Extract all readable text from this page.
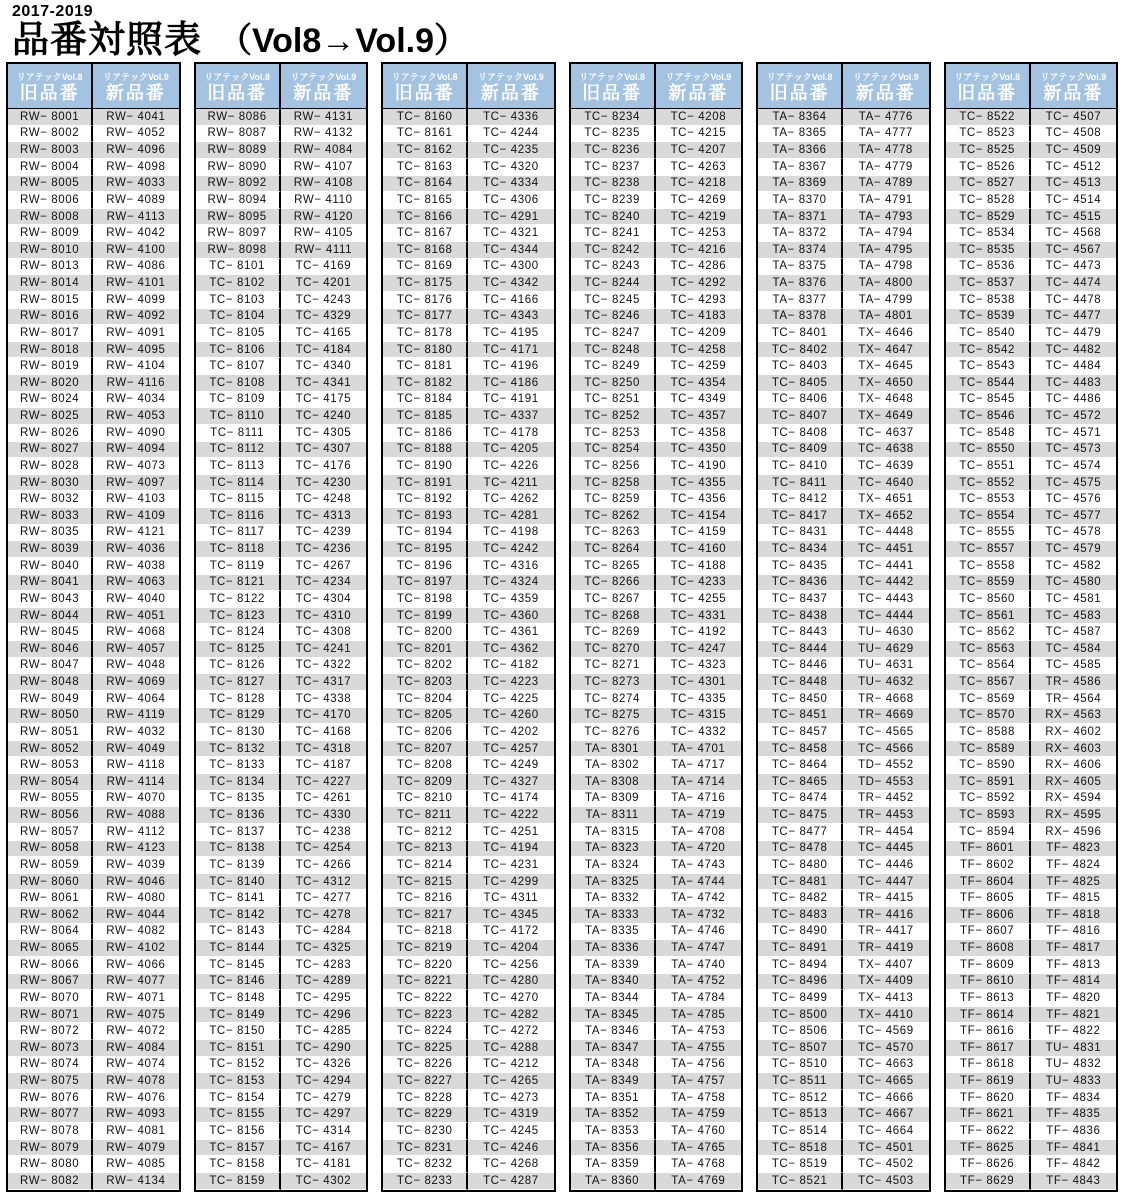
2017-2019
品番対照表 （Vol8→Vol.9）
リアテックVol.8
旧品番
リアテックVol.9
新品番
RW− 8001	RW− 4041
RW− 8002	RW− 4052
RW− 8003	RW− 4096
RW− 8004	RW− 4098
RW− 8005	RW− 4033
RW− 8006	RW− 4089
RW− 8008	RW− 4113
RW− 8009	RW− 4042
RW− 8010	RW− 4100
RW− 8013	RW− 4086
RW− 8014	RW− 4101
RW− 8015	RW− 4099
RW− 8016	RW− 4092
RW− 8017	RW− 4091
RW− 8018	RW− 4095
RW− 8019	RW− 4104
RW− 8020	RW− 4116
RW− 8024	RW− 4034
RW− 8025	RW− 4053
RW− 8026	RW− 4090
RW− 8027	RW− 4094
RW− 8028	RW− 4073
RW− 8030	RW− 4097
RW− 8032	RW− 4103
RW− 8033	RW− 4109
RW− 8035	RW− 4121
RW− 8039	RW− 4036
RW− 8040	RW− 4038
RW− 8041	RW− 4063
RW− 8043	RW− 4040
RW− 8044	RW− 4051
RW− 8045	RW− 4068
RW− 8046	RW− 4057
RW− 8047	RW− 4048
RW− 8048	RW− 4069
RW− 8049	RW− 4064
RW− 8050	RW− 4119
RW− 8051	RW− 4032
RW− 8052	RW− 4049
RW− 8053	RW− 4118
RW− 8054	RW− 4114
RW− 8055	RW− 4070
RW− 8056	RW− 4088
RW− 8057	RW− 4112
RW− 8058	RW− 4123
RW− 8059	RW− 4039
RW− 8060	RW− 4046
RW− 8061	RW− 4080
RW− 8062	RW− 4044
RW− 8064	RW− 4082
RW− 8065	RW− 4102
RW− 8066	RW− 4066
RW− 8067	RW− 4077
RW− 8070	RW− 4071
RW− 8071	RW− 4075
RW− 8072	RW− 4072
RW− 8073	RW− 4084
RW− 8074	RW− 4074
RW− 8075	RW− 4078
RW− 8076	RW− 4076
RW− 8077	RW− 4093
RW− 8078	RW− 4081
RW− 8079	RW− 4079
RW− 8080	RW− 4085
RW− 8082	RW− 4134
リアテックVol.8
旧品番
リアテックVol.9
新品番
RW− 8086	RW− 4131
RW− 8087	RW− 4132
RW− 8089	RW− 4084
RW− 8090	RW− 4107
RW− 8092	RW− 4108
RW− 8094	RW− 4110
RW− 8095	RW− 4120
RW− 8097	RW− 4105
RW− 8098	RW− 4111
TC− 8101	TC− 4169
TC− 8102	TC− 4201
TC− 8103	TC− 4243
TC− 8104	TC− 4329
TC− 8105	TC− 4165
TC− 8106	TC− 4184
TC− 8107	TC− 4340
TC− 8108	TC− 4341
TC− 8109	TC− 4175
TC− 8110	TC− 4240
TC− 8111	TC− 4305
TC− 8112	TC− 4307
TC− 8113	TC− 4176
TC− 8114	TC− 4230
TC− 8115	TC− 4248
TC− 8116	TC− 4313
TC− 8117	TC− 4239
TC− 8118	TC− 4236
TC− 8119	TC− 4267
TC− 8121	TC− 4234
TC− 8122	TC− 4304
TC− 8123	TC− 4310
TC− 8124	TC− 4308
TC− 8125	TC− 4241
TC− 8126	TC− 4322
TC− 8127	TC− 4317
TC− 8128	TC− 4338
TC− 8129	TC− 4170
TC− 8130	TC− 4168
TC− 8132	TC− 4318
TC− 8133	TC− 4187
TC− 8134	TC− 4227
TC− 8135	TC− 4261
TC− 8136	TC− 4330
TC− 8137	TC− 4238
TC− 8138	TC− 4254
TC− 8139	TC− 4266
TC− 8140	TC− 4312
TC− 8141	TC− 4277
TC− 8142	TC− 4278
TC− 8143	TC− 4284
TC− 8144	TC− 4325
TC− 8145	TC− 4283
TC− 8146	TC− 4289
TC− 8148	TC− 4295
TC− 8149	TC− 4296
TC− 8150	TC− 4285
TC− 8151	TC− 4290
TC− 8152	TC− 4326
TC− 8153	TC− 4294
TC− 8154	TC− 4279
TC− 8155	TC− 4297
TC− 8156	TC− 4314
TC− 8157	TC− 4167
TC− 8158	TC− 4181
TC− 8159	TC− 4302
リアテックVol.8
旧品番
リアテックVol.9
新品番
TC− 8160	TC− 4336
TC− 8161	TC− 4244
TC− 8162	TC− 4235
TC− 8163	TC− 4320
TC− 8164	TC− 4334
TC− 8165	TC− 4306
TC− 8166	TC− 4291
TC− 8167	TC− 4321
TC− 8168	TC− 4344
TC− 8169	TC− 4300
TC− 8175	TC− 4342
TC− 8176	TC− 4166
TC− 8177	TC− 4343
TC− 8178	TC− 4195
TC− 8180	TC− 4171
TC− 8181	TC− 4196
TC− 8182	TC− 4186
TC− 8184	TC− 4191
TC− 8185	TC− 4337
TC− 8186	TC− 4178
TC− 8188	TC− 4205
TC− 8190	TC− 4226
TC− 8191	TC− 4211
TC− 8192	TC− 4262
TC− 8193	TC− 4281
TC− 8194	TC− 4198
TC− 8195	TC− 4242
TC− 8196	TC− 4316
TC− 8197	TC− 4324
TC− 8198	TC− 4359
TC− 8199	TC− 4360
TC− 8200	TC− 4361
TC− 8201	TC− 4362
TC− 8202	TC− 4182
TC− 8203	TC− 4223
TC− 8204	TC− 4225
TC− 8205	TC− 4260
TC− 8206	TC− 4202
TC− 8207	TC− 4257
TC− 8208	TC− 4249
TC− 8209	TC− 4327
TC− 8210	TC− 4174
TC− 8211	TC− 4222
TC− 8212	TC− 4251
TC− 8213	TC− 4194
TC− 8214	TC− 4231
TC− 8215	TC− 4299
TC− 8216	TC− 4311
TC− 8217	TC− 4345
TC− 8218	TC− 4172
TC− 8219	TC− 4204
TC− 8220	TC− 4256
TC− 8221	TC− 4280
TC− 8222	TC− 4270
TC− 8223	TC− 4282
TC− 8224	TC− 4272
TC− 8225	TC− 4288
TC− 8226	TC− 4212
TC− 8227	TC− 4265
TC− 8228	TC− 4273
TC− 8229	TC− 4319
TC− 8230	TC− 4245
TC− 8231	TC− 4246
TC− 8232	TC− 4268
TC− 8233	TC− 4287
リアテックVol.8
旧品番
リアテックVol.9
新品番
TC− 8234	TC− 4208
TC− 8235	TC− 4215
TC− 8236	TC− 4207
TC− 8237	TC− 4263
TC− 8238	TC− 4218
TC− 8239	TC− 4269
TC− 8240	TC− 4219
TC− 8241	TC− 4253
TC− 8242	TC− 4216
TC− 8243	TC− 4286
TC− 8244	TC− 4292
TC− 8245	TC− 4293
TC− 8246	TC− 4183
TC− 8247	TC− 4209
TC− 8248	TC− 4258
TC− 8249	TC− 4259
TC− 8250	TC− 4354
TC− 8251	TC− 4349
TC− 8252	TC− 4357
TC− 8253	TC− 4358
TC− 8254	TC− 4350
TC− 8256	TC− 4190
TC− 8258	TC− 4355
TC− 8259	TC− 4356
TC− 8262	TC− 4154
TC− 8263	TC− 4159
TC− 8264	TC− 4160
TC− 8265	TC− 4188
TC− 8266	TC− 4233
TC− 8267	TC− 4255
TC− 8268	TC− 4331
TC− 8269	TC− 4192
TC− 8270	TC− 4247
TC− 8271	TC− 4323
TC− 8273	TC− 4301
TC− 8274	TC− 4335
TC− 8275	TC− 4315
TC− 8276	TC− 4332
TA− 8301	TA− 4701
TA− 8302	TA− 4717
TA− 8308	TA− 4714
TA− 8309	TA− 4716
TA− 8311	TA− 4719
TA− 8315	TA− 4708
TA− 8323	TA− 4720
TA− 8324	TA− 4743
TA− 8325	TA− 4744
TA− 8332	TA− 4742
TA− 8333	TA− 4732
TA− 8335	TA− 4746
TA− 8336	TA− 4747
TA− 8339	TA− 4740
TA− 8340	TA− 4752
TA− 8344	TA− 4784
TA− 8345	TA− 4785
TA− 8346	TA− 4753
TA− 8347	TA− 4755
TA− 8348	TA− 4756
TA− 8349	TA− 4757
TA− 8351	TA− 4758
TA− 8352	TA− 4759
TA− 8353	TA− 4760
TA− 8356	TA− 4765
TA− 8359	TA− 4768
TA− 8360	TA− 4769
リアテックVol.8
旧品番
リアテックVol.9
新品番
TA− 8364	TA− 4776
TA− 8365	TA− 4777
TA− 8366	TA− 4778
TA− 8367	TA− 4779
TA− 8369	TA− 4789
TA− 8370	TA− 4791
TA− 8371	TA− 4793
TA− 8372	TA− 4794
TA− 8374	TA− 4795
TA− 8375	TA− 4798
TA− 8376	TA− 4800
TA− 8377	TA− 4799
TA− 8378	TA− 4801
TC− 8401	TX− 4646
TC− 8402	TX− 4647
TC− 8403	TX− 4645
TC− 8405	TX− 4650
TC− 8406	TX− 4648
TC− 8407	TX− 4649
TC− 8408	TC− 4637
TC− 8409	TC− 4638
TC− 8410	TC− 4639
TC− 8411	TC− 4640
TC− 8412	TX− 4651
TC− 8417	TX− 4652
TC− 8431	TC− 4448
TC− 8434	TC− 4451
TC− 8435	TC− 4441
TC− 8436	TC− 4442
TC− 8437	TC− 4443
TC− 8438	TC− 4444
TC− 8443	TU− 4630
TC− 8444	TU− 4629
TC− 8446	TU− 4631
TC− 8448	TU− 4632
TC− 8450	TR− 4668
TC− 8451	TR− 4669
TC− 8457	TC− 4565
TC− 8458	TC− 4566
TC− 8464	TD− 4552
TC− 8465	TD− 4553
TC− 8474	TR− 4452
TC− 8475	TR− 4453
TC− 8477	TR− 4454
TC− 8478	TC− 4445
TC− 8480	TC− 4446
TC− 8481	TC− 4447
TC− 8482	TR− 4415
TC− 8483	TR− 4416
TC− 8490	TR− 4417
TC− 8491	TR− 4419
TC− 8494	TX− 4407
TC− 8496	TX− 4409
TC− 8499	TX− 4413
TC− 8500	TX− 4410
TC− 8506	TC− 4569
TC− 8507	TC− 4570
TC− 8510	TC− 4663
TC− 8511	TC− 4665
TC− 8512	TC− 4666
TC− 8513	TC− 4667
TC− 8514	TC− 4664
TC− 8518	TC− 4501
TC− 8519	TC− 4502
TC− 8521	TC− 4503
リアテックVol.8
旧品番
リアテックVol.9
新品番
TC− 8522	TC− 4507
TC− 8523	TC− 4508
TC− 8525	TC− 4509
TC− 8526	TC− 4512
TC− 8527	TC− 4513
TC− 8528	TC− 4514
TC− 8529	TC− 4515
TC− 8534	TC− 4568
TC− 8535	TC− 4567
TC− 8536	TC− 4473
TC− 8537	TC− 4474
TC− 8538	TC− 4478
TC− 8539	TC− 4477
TC− 8540	TC− 4479
TC− 8542	TC− 4482
TC− 8543	TC− 4484
TC− 8544	TC− 4483
TC− 8545	TC− 4486
TC− 8546	TC− 4572
TC− 8548	TC− 4571
TC− 8550	TC− 4573
TC− 8551	TC− 4574
TC− 8552	TC− 4575
TC− 8553	TC− 4576
TC− 8554	TC− 4577
TC− 8555	TC− 4578
TC− 8557	TC− 4579
TC− 8558	TC− 4582
TC− 8559	TC− 4580
TC− 8560	TC− 4581
TC− 8561	TC− 4583
TC− 8562	TC− 4587
TC− 8563	TC− 4584
TC− 8564	TC− 4585
TC− 8567	TR− 4586
TC− 8569	TR− 4564
TC− 8570	RX− 4563
TC− 8588	RX− 4602
TC− 8589	RX− 4603
TC− 8590	RX− 4606
TC− 8591	RX− 4605
TC− 8592	RX− 4594
TC− 8593	RX− 4595
TC− 8594	RX− 4596
TF− 8601	TF− 4823
TF− 8602	TF− 4824
TF− 8604	TF− 4825
TF− 8605	TF− 4815
TF− 8606	TF− 4818
TF− 8607	TF− 4816
TF− 8608	TF− 4817
TF− 8609	TF− 4813
TF− 8610	TF− 4814
TF− 8613	TF− 4820
TF− 8614	TF− 4821
TF− 8616	TF− 4822
TF− 8617	TU− 4831
TF− 8618	TU− 4832
TF− 8619	TU− 4833
TF− 8620	TF− 4834
TF− 8621	TF− 4835
TF− 8622	TF− 4836
TF− 8625	TF− 4841
TF− 8626	TF− 4842
TF− 8629	TF− 4843
